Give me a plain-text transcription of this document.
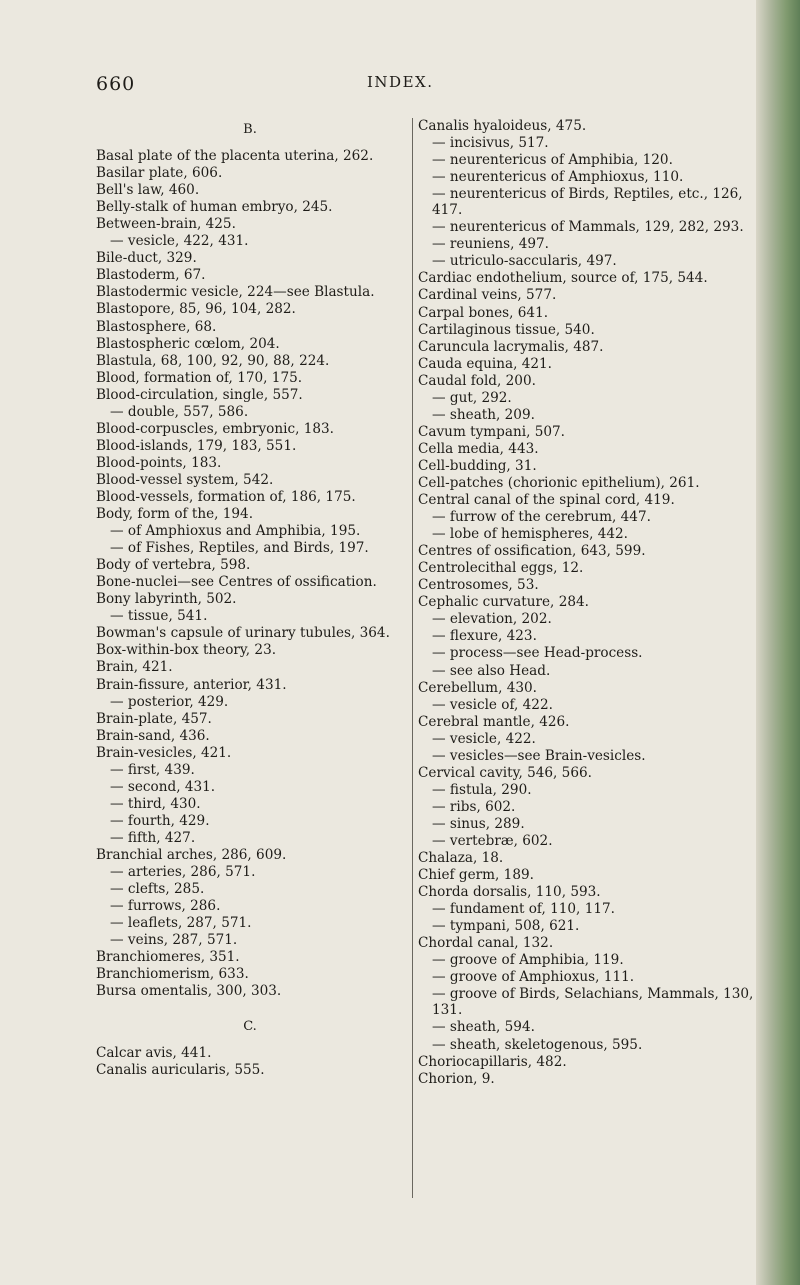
660	INDEX.
B.
Basal plate of the placenta uterina, 262.
Basilar plate, 606.
Bell's law, 460.
Belly-stalk of human embryo, 245.
Between-brain, 425.
— vesicle, 422, 431.
Bile-duct, 329.
Blastoderm, 67.
Blastodermic vesicle, 224—see Blastula.
Blastopore, 85, 96, 104, 282.
Blastosphere, 68.
Blastospheric cœlom, 204.
Blastula, 68, 100, 92, 90, 88, 224.
Blood, formation of, 170, 175.
Blood-circulation, single, 557.
— double, 557, 586.
Blood-corpuscles, embryonic, 183.
Blood-islands, 179, 183, 551.
Blood-points, 183.
Blood-vessel system, 542.
Blood-vessels, formation of, 186, 175.
Body, form of the, 194.
— of Amphioxus and Amphibia, 195.
— of Fishes, Reptiles, and Birds, 197.
Body of vertebra, 598.
Bone-nuclei—see Centres of ossification.
Bony labyrinth, 502.
— tissue, 541.
Bowman's capsule of urinary tubules, 364.
Box-within-box theory, 23.
Brain, 421.
Brain-fissure, anterior, 431.
— posterior, 429.
Brain-plate, 457.
Brain-sand, 436.
Brain-vesicles, 421.
— first, 439.
— second, 431.
— third, 430.
— fourth, 429.
— fifth, 427.
Branchial arches, 286, 609.
— arteries, 286, 571.
— clefts, 285.
— furrows, 286.
— leaflets, 287, 571.
— veins, 287, 571.
Branchiomeres, 351.
Branchiomerism, 633.
Bursa omentalis, 300, 303.
C.
Calcar avis, 441.
Canalis auricularis, 555.
Canalis hyaloideus, 475.
— incisivus, 517.
— neurentericus of Amphibia, 120.
— neurentericus of Amphioxus, 110.
— neurentericus of Birds, Reptiles, etc., 126, 417.
— neurentericus of Mammals, 129, 282, 293.
— reuniens, 497.
— utriculo-saccularis, 497.
Cardiac endothelium, source of, 175, 544.
Cardinal veins, 577.
Carpal bones, 641.
Cartilaginous tissue, 540.
Caruncula lacrymalis, 487.
Cauda equina, 421.
Caudal fold, 200.
— gut, 292.
— sheath, 209.
Cavum tympani, 507.
Cella media, 443.
Cell-budding, 31.
Cell-patches (chorionic epithelium), 261.
Central canal of the spinal cord, 419.
— furrow of the cerebrum, 447.
— lobe of hemispheres, 442.
Centres of ossification, 643, 599.
Centrolecithal eggs, 12.
Centrosomes, 53.
Cephalic curvature, 284.
— elevation, 202.
— flexure, 423.
— process—see Head-process.
— see also Head.
Cerebellum, 430.
— vesicle of, 422.
Cerebral mantle, 426.
— vesicle, 422.
— vesicles—see Brain-vesicles.
Cervical cavity, 546, 566.
— fistula, 290.
— ribs, 602.
— sinus, 289.
— vertebræ, 602.
Chalaza, 18.
Chief germ, 189.
Chorda dorsalis, 110, 593.
— fundament of, 110, 117.
— tympani, 508, 621.
Chordal canal, 132.
— groove of Amphibia, 119.
— groove of Amphioxus, 111.
— groove of Birds, Selachians, Mammals, 130, 131.
— sheath, 594.
— sheath, skeletogenous, 595.
Choriocapillaris, 482.
Chorion, 9.
